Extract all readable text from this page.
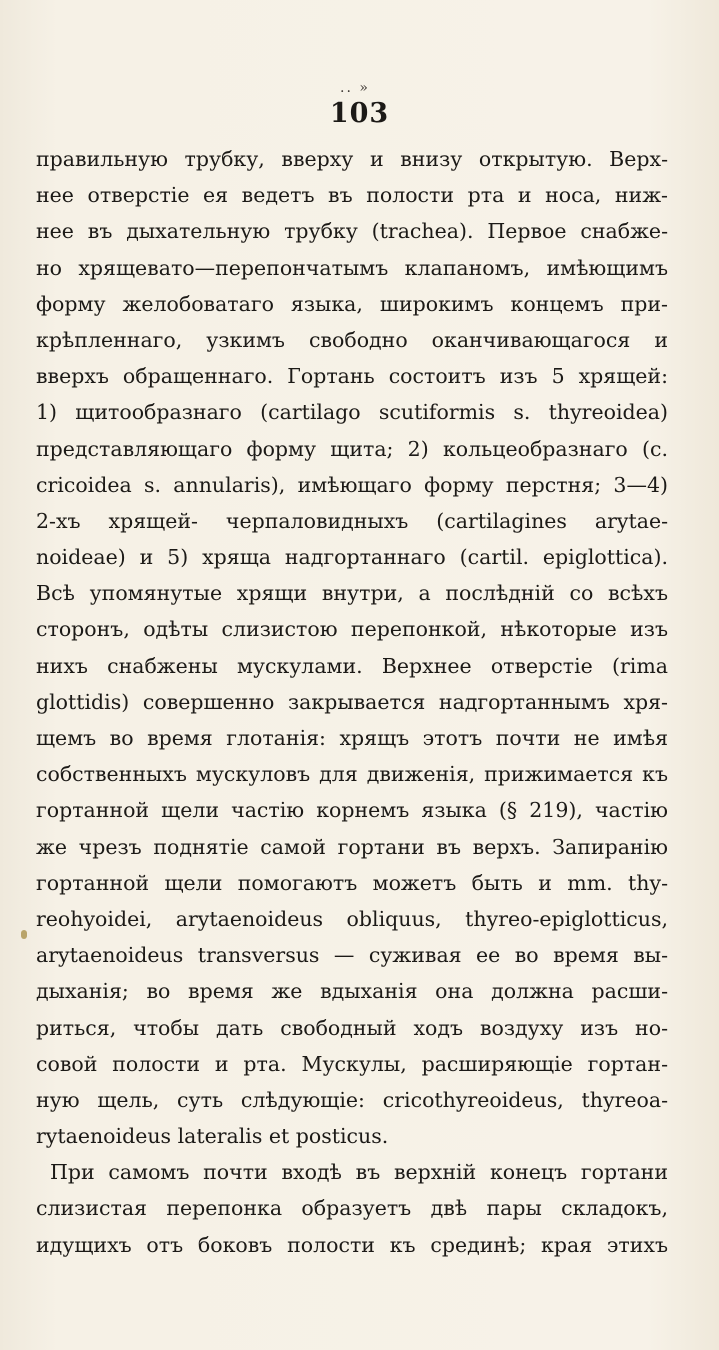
.. »
103
правильную трубку, вверху и внизу открытую. Верх-
нее отверстіе ея ведетъ въ полости рта и носа, ниж-
нее въ дыхательную трубку (trachea). Первое снабже-
но хрящевато—перепончатымъ клапаномъ, имѣющимъ
форму желобоватаго языка, широкимъ концемъ при-
крѣпленнаго, узкимъ свободно оканчивающагося и
вверхъ обращеннаго. Гортань состоитъ изъ 5 хрящей:
1) щитообразнаго (cartilago scutiformis s. thyreoidea)
представляющаго форму щита; 2) кольцеобразнаго (c.
cricoidea s. annularis), имѣющаго форму перстня; 3—4)
2-хъ хрящей- черпаловидныхъ (cartilagines arytae-
noideae) и 5) хряща надгортаннаго (cartil. epiglottica).
Всѣ упомянутые хрящи внутри, а послѣдній со всѣхъ
сторонъ, одѣты слизистою перепонкой, нѣкоторые изъ
нихъ снабжены мускулами. Верхнее отверстіе (rima
glottidis) совершенно закрывается надгортаннымъ хря-
щемъ во время глотанія: хрящъ этотъ почти не имѣя
собственныхъ мускуловъ для движенія, прижимается къ
гортанной щели частію корнемъ языка (§ 219), частію
же чрезъ поднятіе самой гортани въ верхъ. Запиранію
гортанной щели помогаютъ можетъ быть и mm. thy-
reohyoidei, arytaenoideus obliquus, thyreo-epiglotticus,
arytaenoideus transversus — суживая ее во время вы-
дыханія; во время же вдыханія она должна расши-
риться, чтобы дать свободный ходъ воздуху изъ но-
совой полости и рта. Мускулы, расширяющіе гортан-
ную щель, суть слѣдующіе: cricothyreoideus, thyreoa-
rytaenoideus lateralis et posticus.
При самомъ почти входѣ въ верхній конецъ гортани
слизистая перепонка образуетъ двѣ пары складокъ,
идущихъ отъ боковъ полости къ срединѣ; края этихъ
